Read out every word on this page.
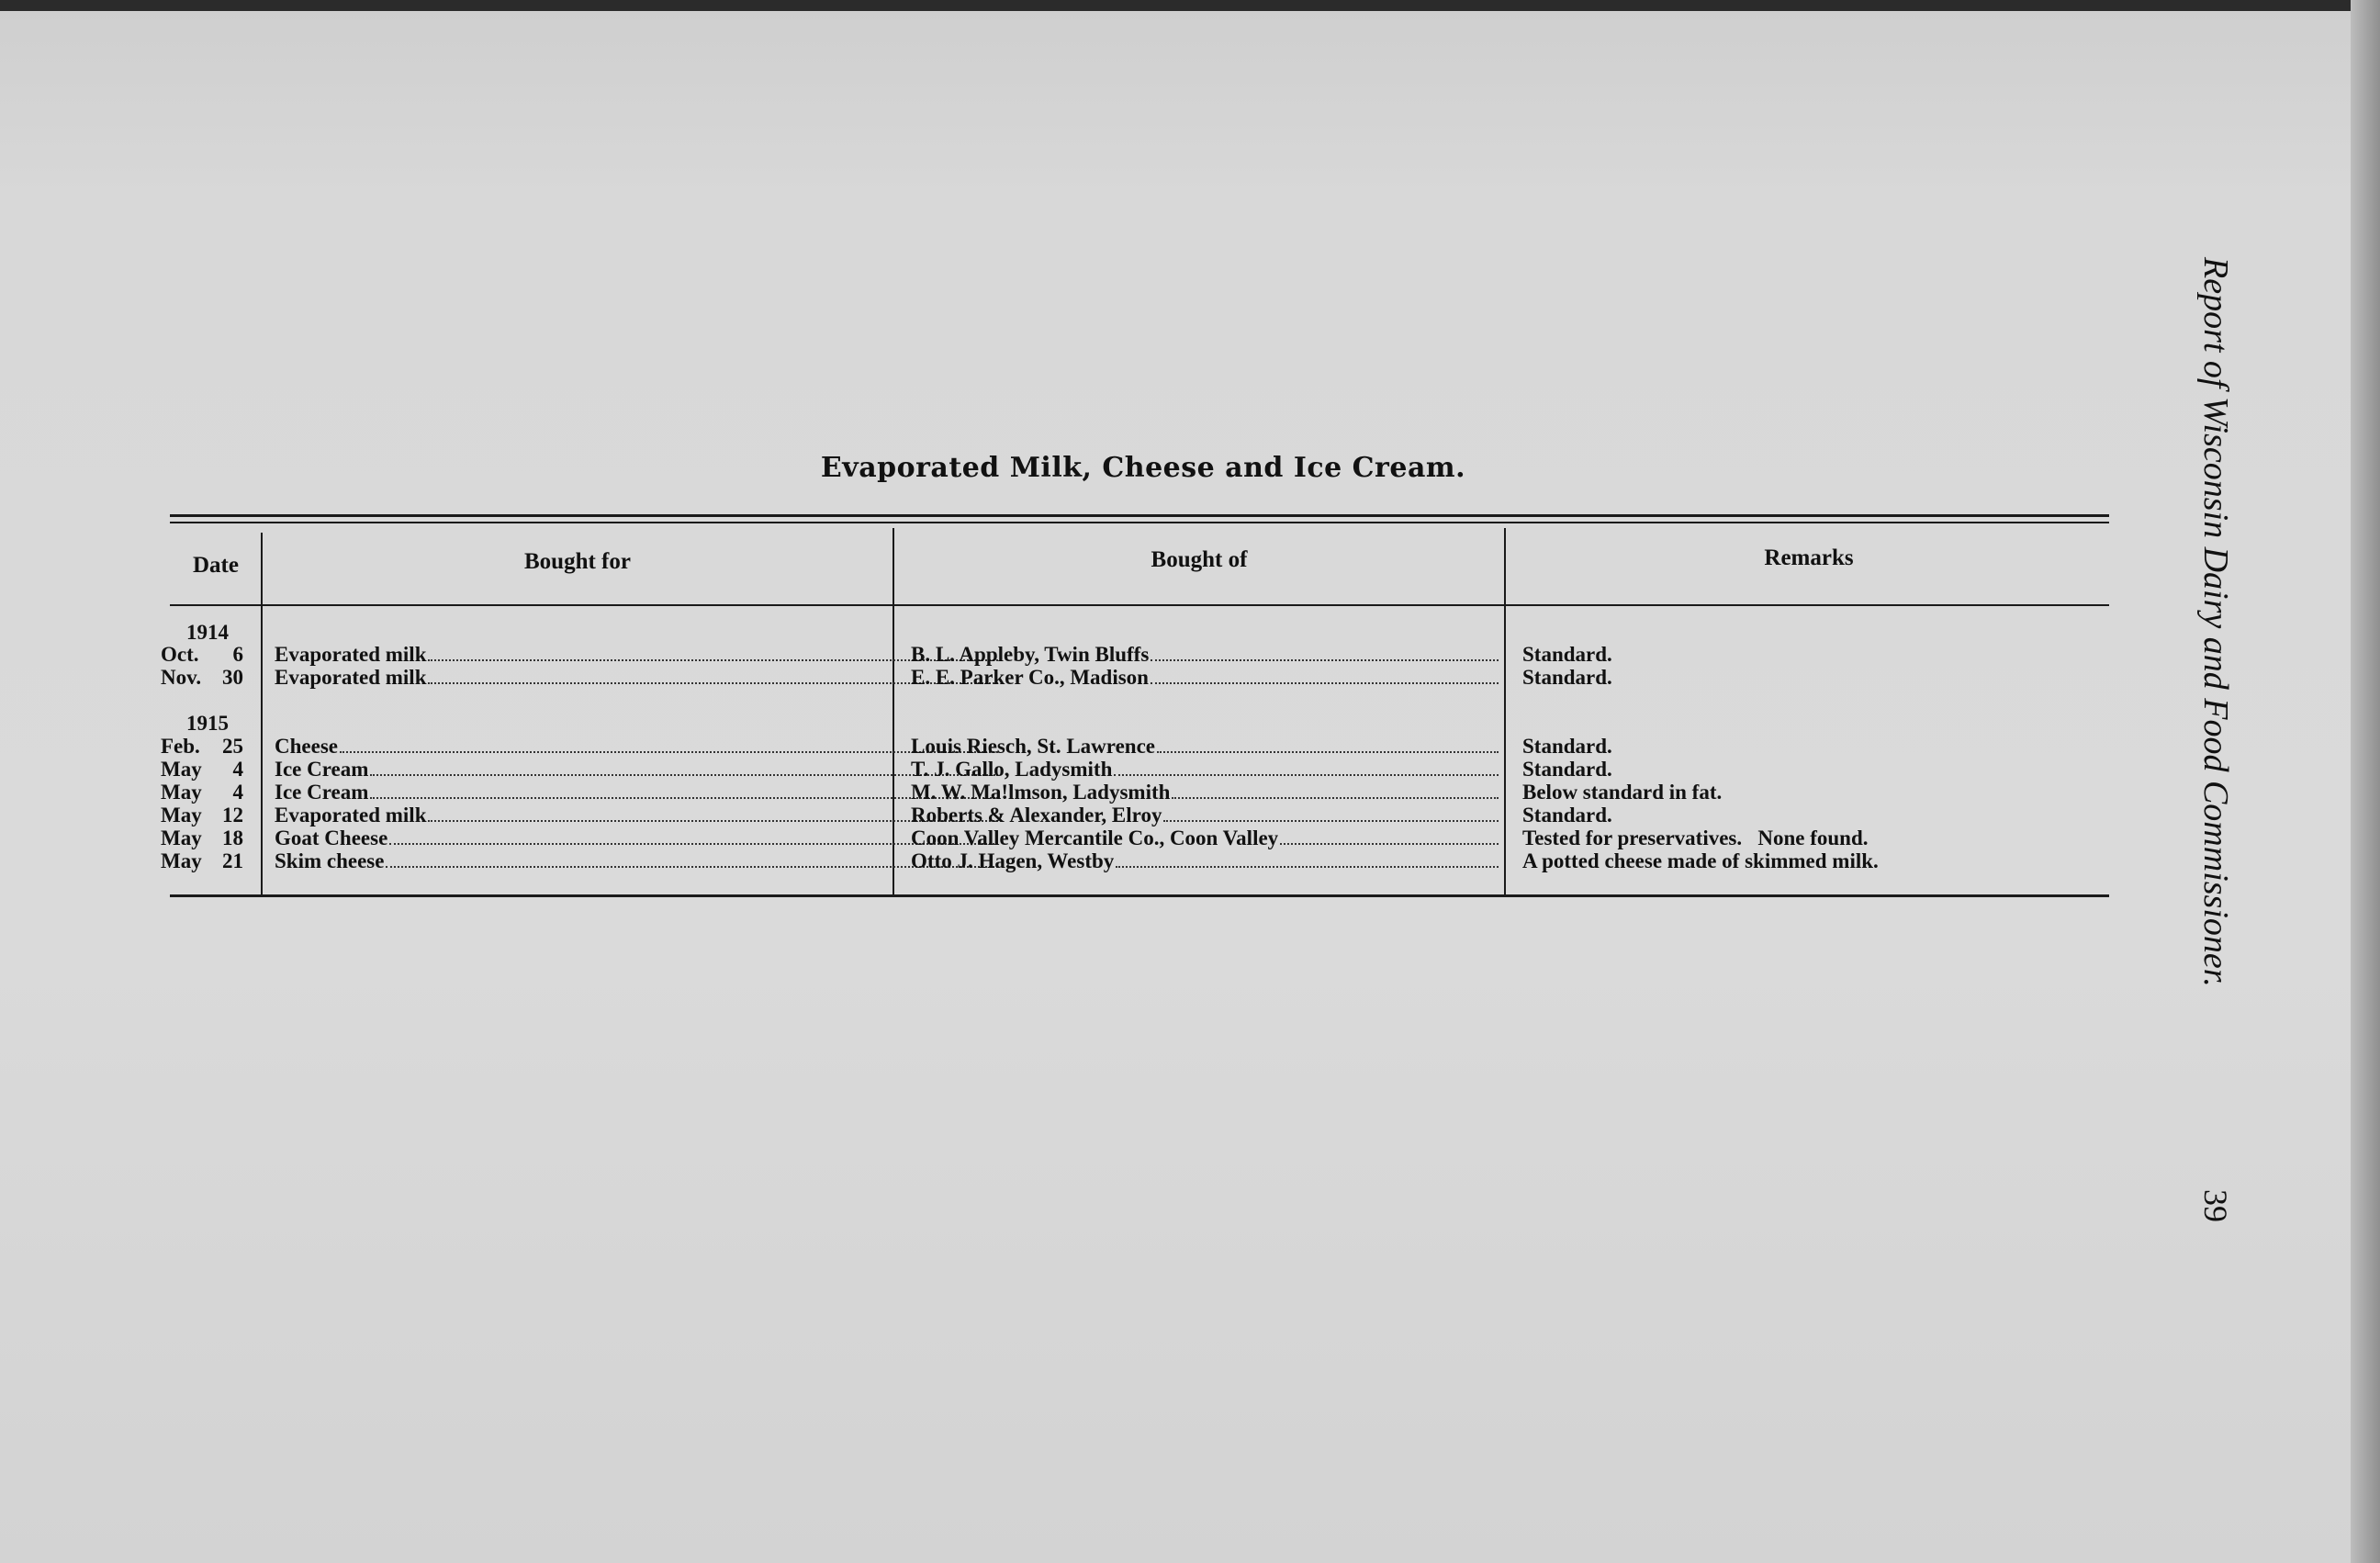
Evaporated Milk, Cheese and Ice Cream.
Date	Bought for	Bought of	Remarks
1914
Oct. 6 Evaporated milk	B. L. Appleby, Twin Bluffs	Standard.
Nov. 30 Evaporated milk	E. E. Parker Co., Madison	Standard.
1915
Feb. 25 Cheese	Louis Riesch, St. Lawrence	Standard.
May 4 Ice Cream	T. J. Gallo, Ladysmith	Standard.
May 4 Ice Cream	M. W. Ma!lmson, Ladysmith	Below standard in fat.
May 12 Evaporated milk	Roberts & Alexander, Elroy	Standard.
May 18 Goat Cheese	Coon Valley Mercantile Co., Coon Valley	Tested for preservatives.   None found.
May 21 Skim cheese	Otto J. Hagen, Westby	A potted cheese made of skimmed milk.	Report of Wisconsin Dairy and Food Commissioner.
39
